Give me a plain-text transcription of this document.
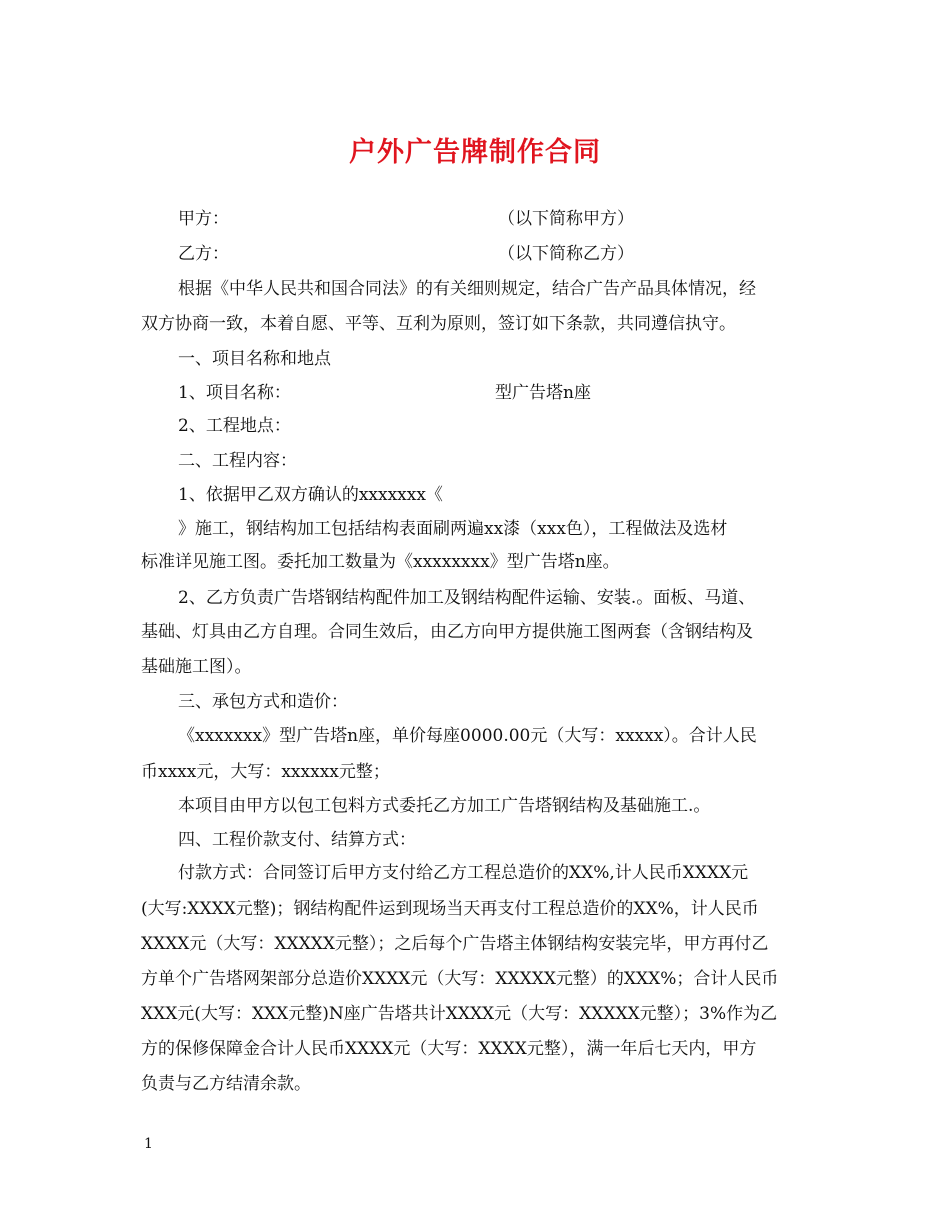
户外广告牌制作合同
甲方：	（以下简称甲方）
乙方：	（以下简称乙方）
根据《中华人民共和国合同法》的有关细则规定，结合广告产品具体情况，经
双方协商一致，本着自愿、平等、互利为原则，签订如下条款，共同遵信执守。
一、项目名称和地点
1、项目名称：	型广告塔n座
2、工程地点：
二、工程内容：
1、依据甲乙双方确认的xxxxxxx《
》施工，钢结构加工包括结构表面刷两遍xx漆（xxx色），工程做法及选材
标准详见施工图。委托加工数量为《xxxxxxxx》型广告塔n座。
2、乙方负责广告塔钢结构配件加工及钢结构配件运输、安装.。面板、马道、
基础、灯具由乙方自理。合同生效后，由乙方向甲方提供施工图两套（含钢结构及
基础施工图）。
三、承包方式和造价：
《xxxxxxx》型广告塔n座，单价每座0000.00元（大写：xxxxx）。合计人民
币xxxx元，大写：xxxxxx元整；
本项目由甲方以包工包料方式委托乙方加工广告塔钢结构及基础施工.。
四、工程价款支付、结算方式：
付款方式：合同签订后甲方支付给乙方工程总造价的XX%,计人民币XXXX元
(大写:XXXX元整)；钢结构配件运到现场当天再支付工程总造价的XX%，计人民币
XXXX元（大写：XXXXX元整）；之后每个广告塔主体钢结构安装完毕，甲方再付乙
方单个广告塔网架部分总造价XXXX元（大写：XXXXX元整）的XXX%；合计人民币
XXX元(大写：XXX元整)N座广告塔共计XXXX元（大写：XXXXX元整）；3%作为乙
方的保修保障金合计人民币XXXX元（大写：XXXX元整），满一年后七天内，甲方
负责与乙方结清余款。
1
